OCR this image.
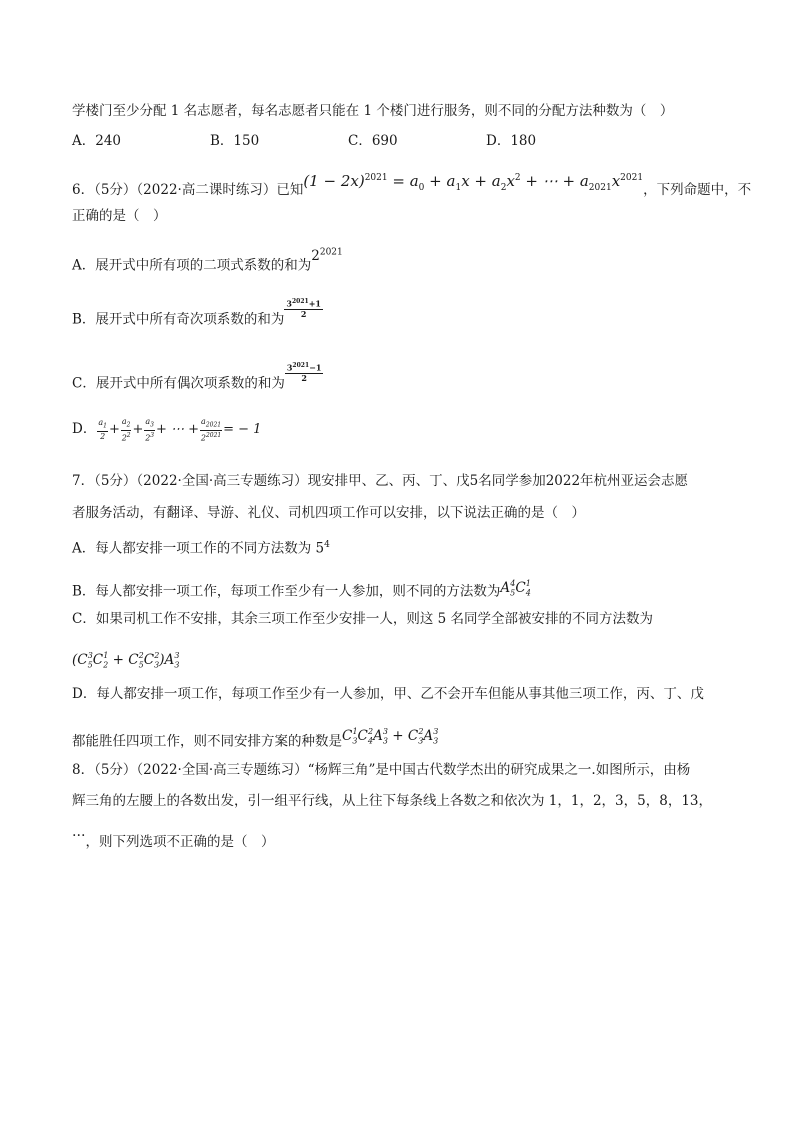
学楼门至少分配 1 名志愿者，每名志愿者只能在 1 个楼门进行服务，则不同的分配方法种数为（　）
A．240	B．150	C．690	D．180
6．（5分）（2022·高二课时练习）已知$(1 - 2x)^{2021} = a_0 + a_1x + a_2x^2$ + ⋯ + $a_{2021}x^{2021}$，下列命题中，不
正确的是（　）
A．展开式中所有项的二项式系数的和为$2^{2021}$
B．展开式中所有奇次项系数的和为
$\frac{3^{2021}+1}{2}$
C．展开式中所有偶次项系数的和为
$\frac{3^{2021}-1}{2}$
D． $\frac{a_1}{2} + \frac{a_2}{2^2} + \frac{a_3}{2^3}$ + ⋯ + $\frac{a_{2021}}{2^{2021}}$ = − 1
7．（5分）（2022·全国·高三专题练习）现安排甲、乙、丙、丁、戊5名同学参加2022年杭州亚运会志愿
者服务活动，有翻译、导游、礼仪、司机四项工作可以安排，以下说法正确的是（　）
A．每人都安排一项工作的不同方法数为 $5^4$
B．每人都安排一项工作，每项工作至少有一人参加，则不同的方法数为$A_5^4C_4^1$
C．如果司机工作不安排，其余三项工作至少安排一人，则这 5 名同学全部被安排的不同方法数为
$(C_5^3C_2^1 + C_5^2C_3^2)A_3^3$
D．每人都安排一项工作，每项工作至少有一人参加，甲、乙不会开车但能从事其他三项工作，丙、丁、戊
都能胜任四项工作，则不同安排方案的种数是$C_3^1C_4^2A_3^3 + C_3^2A_3^3$
8．（5分）（2022·全国·高三专题练习）“杨辉三角”是中国古代数学杰出的研究成果之一.如图所示，由杨
辉三角的左腰上的各数出发，引一组平行线，从上往下每条线上各数之和依次为 1，1，2，3，5，8，13，
…，则下列选项不正确的是（　）
